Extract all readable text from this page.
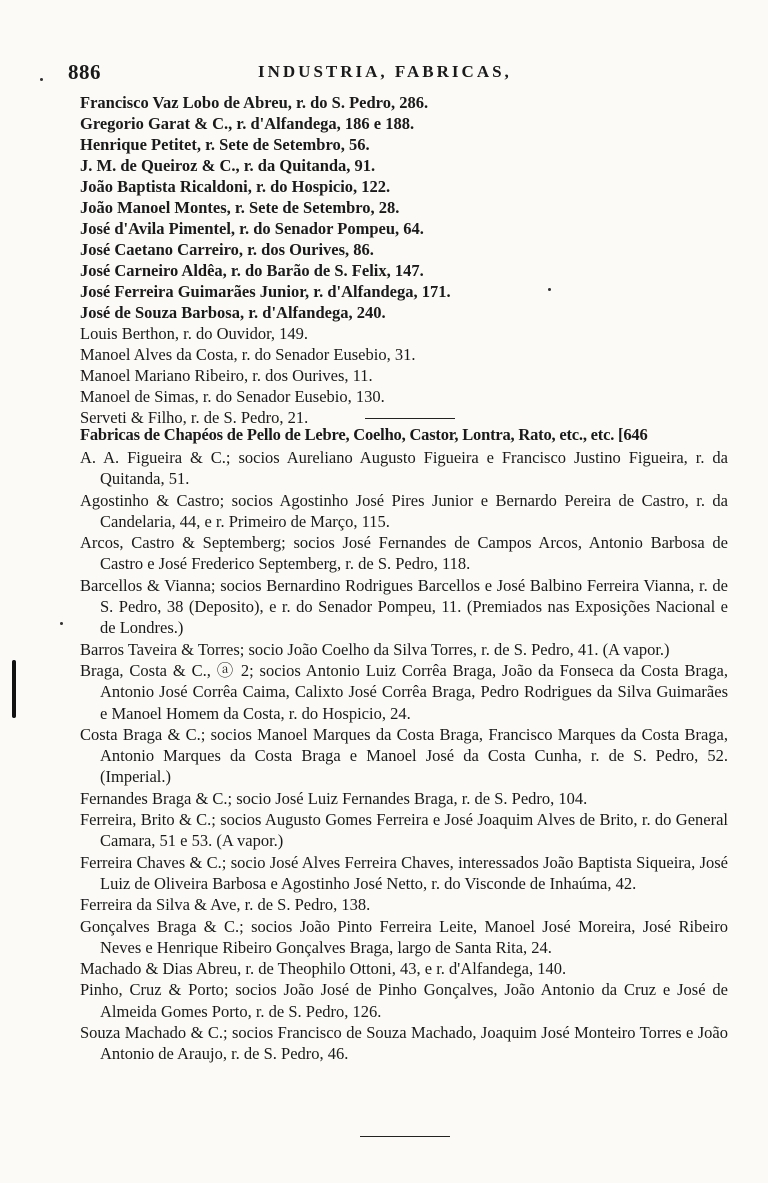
886	INDUSTRIA, FABRICAS,
Francisco Vaz Lobo de Abreu, r. do S. Pedro, 286.
Gregorio Garat & C., r. d'Alfandega, 186 e 188.
Henrique Petitet, r. Sete de Setembro, 56.
J. M. de Queiroz & C., r. da Quitanda, 91.
João Baptista Ricaldoni, r. do Hospicio, 122.
João Manoel Montes, r. Sete de Setembro, 28.
José d'Avila Pimentel, r. do Senador Pompeu, 64.
José Caetano Carreiro, r. dos Ourives, 86.
José Carneiro Aldêa, r. do Barão de S. Felix, 147.
José Ferreira Guimarães Junior, r. d'Alfandega, 171.
José de Souza Barbosa, r. d'Alfandega, 240.
Louis Berthon, r. do Ouvidor, 149.
Manoel Alves da Costa, r. do Senador Eusebio, 31.
Manoel Mariano Ribeiro, r. dos Ourives, 11.
Manoel de Simas, r. do Senador Eusebio, 130.
Serveti & Filho, r. de S. Pedro, 21.
Fabricas de Chapéos de Pello de Lebre, Coelho, Castor, Lontra, Rato, etc., etc. [646
A. A. Figueira & C.; socios Aureliano Augusto Figueira e Francisco Justino Figueira, r. da Quitanda, 51.
Agostinho & Castro; socios Agostinho José Pires Junior e Bernardo Pereira de Castro, r. da Candelaria, 44, e r. Primeiro de Março, 115.
Arcos, Castro & Septemberg; socios José Fernandes de Campos Arcos, Antonio Barbosa de Castro e José Frederico Septemberg, r. de S. Pedro, 118.
Barcellos & Vianna; socios Bernardino Rodrigues Barcellos e José Balbino Ferreira Vianna, r. de S. Pedro, 38 (Deposito), e r. do Senador Pompeu, 11. (Premiados nas Exposições Nacional e de Londres.)
Barros Taveira & Torres; socio João Coelho da Silva Torres, r. de S. Pedro, 41. (A vapor.)
Braga, Costa & C., ⓐ 2; socios Antonio Luiz Corrêa Braga, João da Fonseca da Costa Braga, Antonio José Corrêa Caima, Calixto José Corrêa Braga, Pedro Rodrigues da Silva Guimarães e Manoel Homem da Costa, r. do Hospicio, 24.
Costa Braga & C.; socios Manoel Marques da Costa Braga, Francisco Marques da Costa Braga, Antonio Marques da Costa Braga e Manoel José da Costa Cunha, r. de S. Pedro, 52. (Imperial.)
Fernandes Braga & C.; socio José Luiz Fernandes Braga, r. de S. Pedro, 104.
Ferreira, Brito & C.; socios Augusto Gomes Ferreira e José Joaquim Alves de Brito, r. do General Camara, 51 e 53. (A vapor.)
Ferreira Chaves & C.; socio José Alves Ferreira Chaves, interessados João Baptista Siqueira, José Luiz de Oliveira Barbosa e Agostinho José Netto, r. do Visconde de Inhaúma, 42.
Ferreira da Silva & Ave, r. de S. Pedro, 138.
Gonçalves Braga & C.; socios João Pinto Ferreira Leite, Manoel José Moreira, José Ribeiro Neves e Henrique Ribeiro Gonçalves Braga, largo de Santa Rita, 24.
Machado & Dias Abreu, r. de Theophilo Ottoni, 43, e r. d'Alfandega, 140.
Pinho, Cruz & Porto; socios João José de Pinho Gonçalves, João Antonio da Cruz e José de Almeida Gomes Porto, r. de S. Pedro, 126.
Souza Machado & C.; socios Francisco de Souza Machado, Joaquim José Monteiro Torres e João Antonio de Araujo, r. de S. Pedro, 46.
